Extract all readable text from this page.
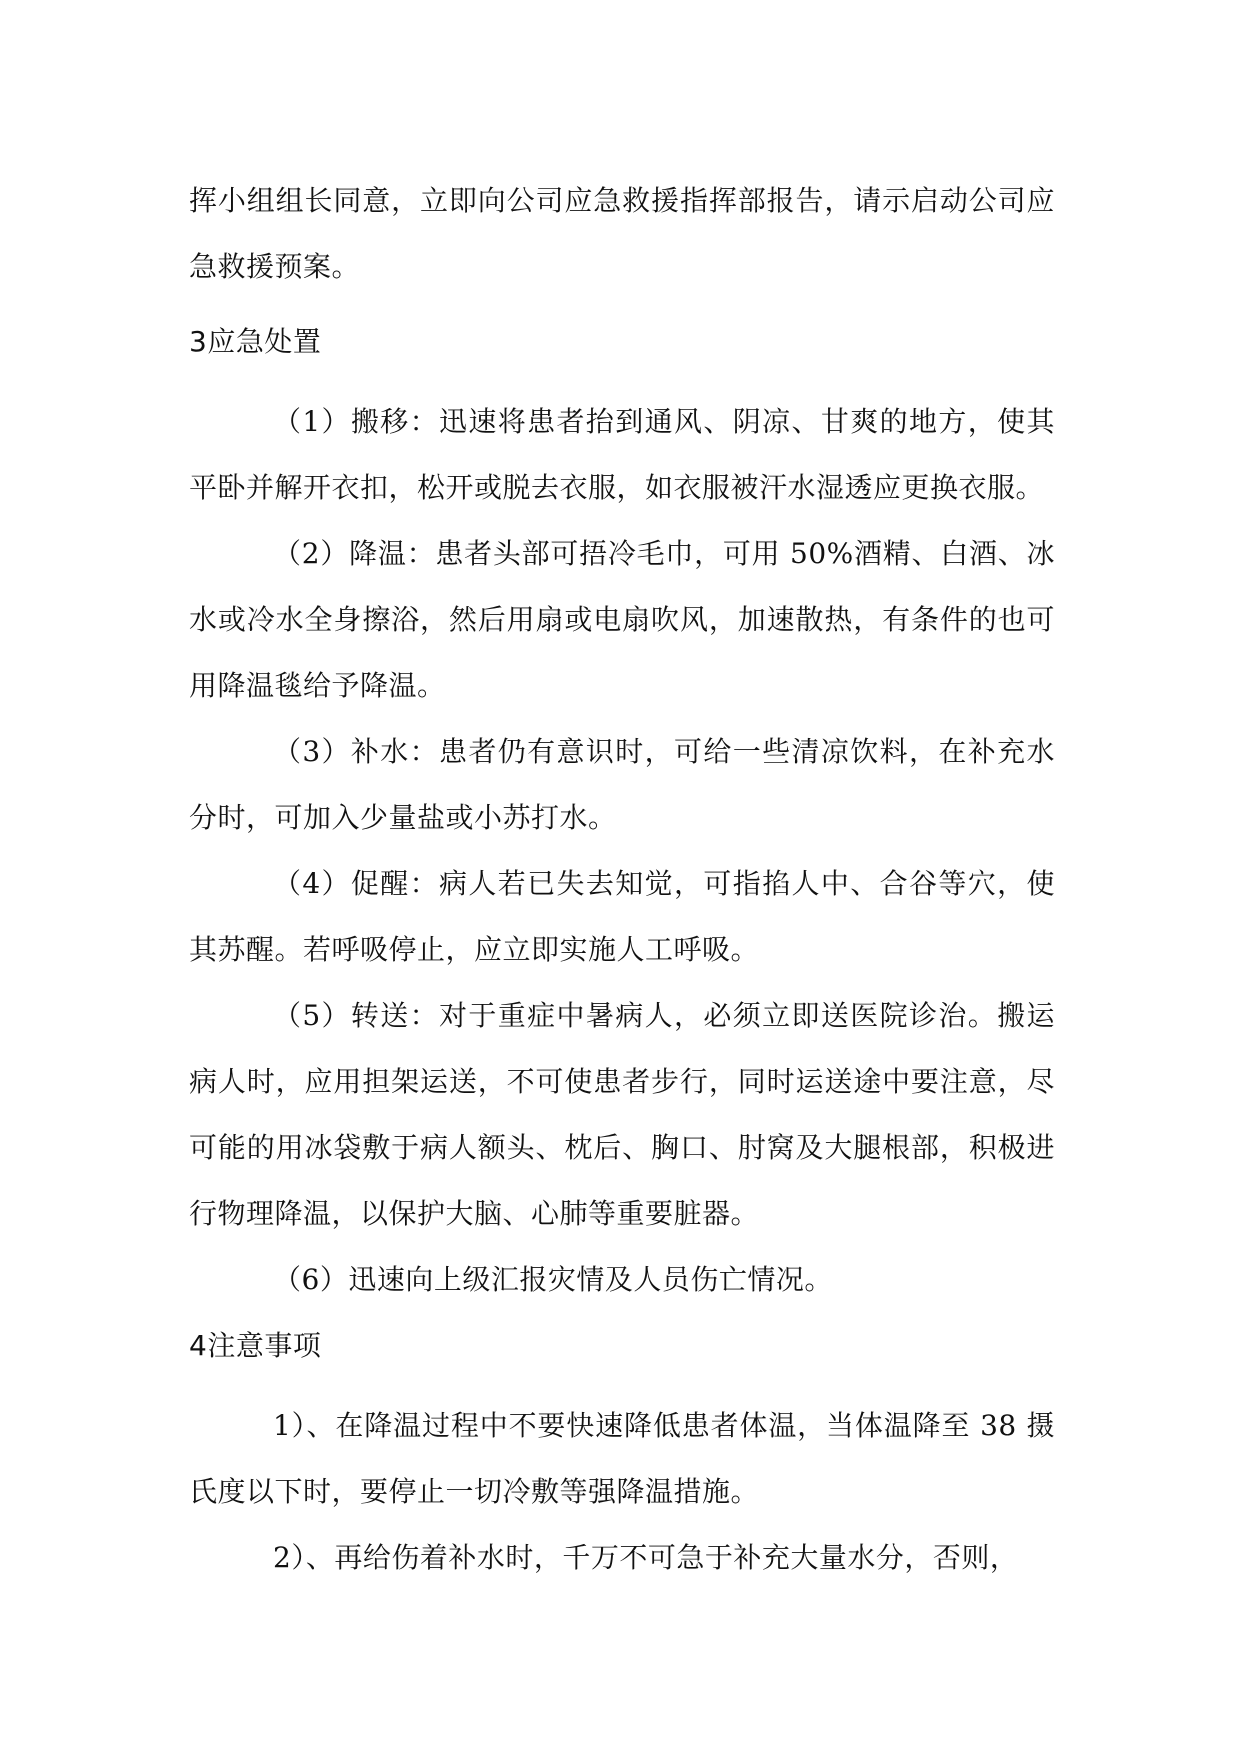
挥小组组长同意，立即向公司应急救援指挥部报告，请示启动公司应急救援预案。

3应急处置

（1）搬移：迅速将患者抬到通风、阴凉、甘爽的地方，使其平卧并解开衣扣，松开或脱去衣服，如衣服被汗水湿透应更换衣服。

（2）降温：患者头部可捂冷毛巾，可用 50%酒精、白酒、冰水或冷水全身擦浴，然后用扇或电扇吹风，加速散热，有条件的也可用降温毯给予降温。

（3）补水：患者仍有意识时，可给一些清凉饮料，在补充水分时，可加入少量盐或小苏打水。

（4）促醒：病人若已失去知觉，可指掐人中、合谷等穴，使其苏醒。若呼吸停止，应立即实施人工呼吸。

（5）转送：对于重症中暑病人，必须立即送医院诊治。搬运病人时，应用担架运送，不可使患者步行，同时运送途中要注意，尽可能的用冰袋敷于病人额头、枕后、胸口、肘窝及大腿根部，积极进行物理降温，以保护大脑、心肺等重要脏器。

（6）迅速向上级汇报灾情及人员伤亡情况。

4注意事项

1）、在降温过程中不要快速降低患者体温，当体温降至 38 摄氏度以下时，要停止一切冷敷等强降温措施。

2）、再给伤着补水时，千万不可急于补充大量水分，否则，
